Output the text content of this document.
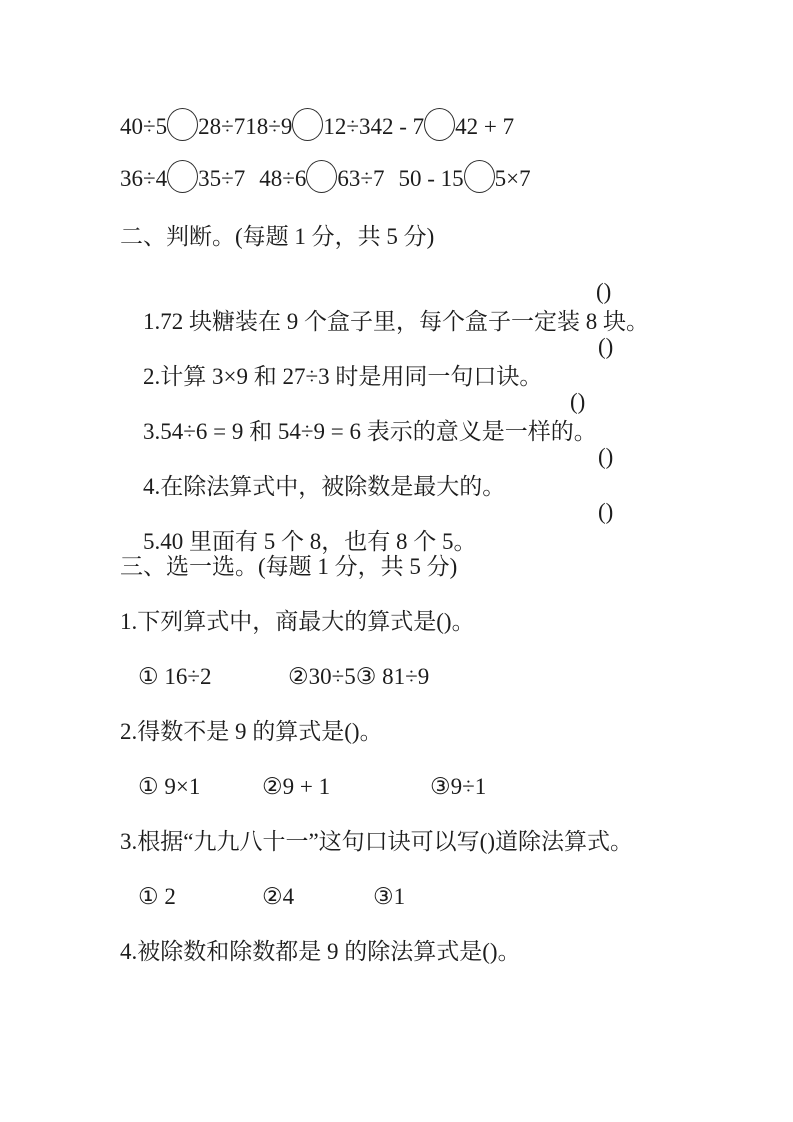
40÷5 28÷7 18÷9 12÷3 42 - 7 42 + 7
36÷4 35÷7 48÷6 63÷7 50 - 15 5×7
二、判断。(每题 1 分，共 5 分)

1.72 块糖装在 9 个盒子里，每个盒子一定装 8 块。

()

2.计算 3×9 和 27÷3 时是用同一句口诀。

()

3.54÷6 = 9 和 54÷9 = 6 表示的意义是一样的。

()

4.在除法算式中，被除数是最大的。

()

5.40 里面有 5 个 8，也有 8 个 5。

()

三、选一选。(每题 1 分，共 5 分)
1.下列算式中，商最大的算式是()。

① 16÷2

	②30÷5③ 81÷9

2.得数不是 9 的算式是()。

① 9×1

	②9 + 1

	③9÷1

3.根据“九九八十一”这句口诀可以写()道除法算式。

① 2

	②4

	③1

4.被除数和除数都是 9 的除法算式是()。
